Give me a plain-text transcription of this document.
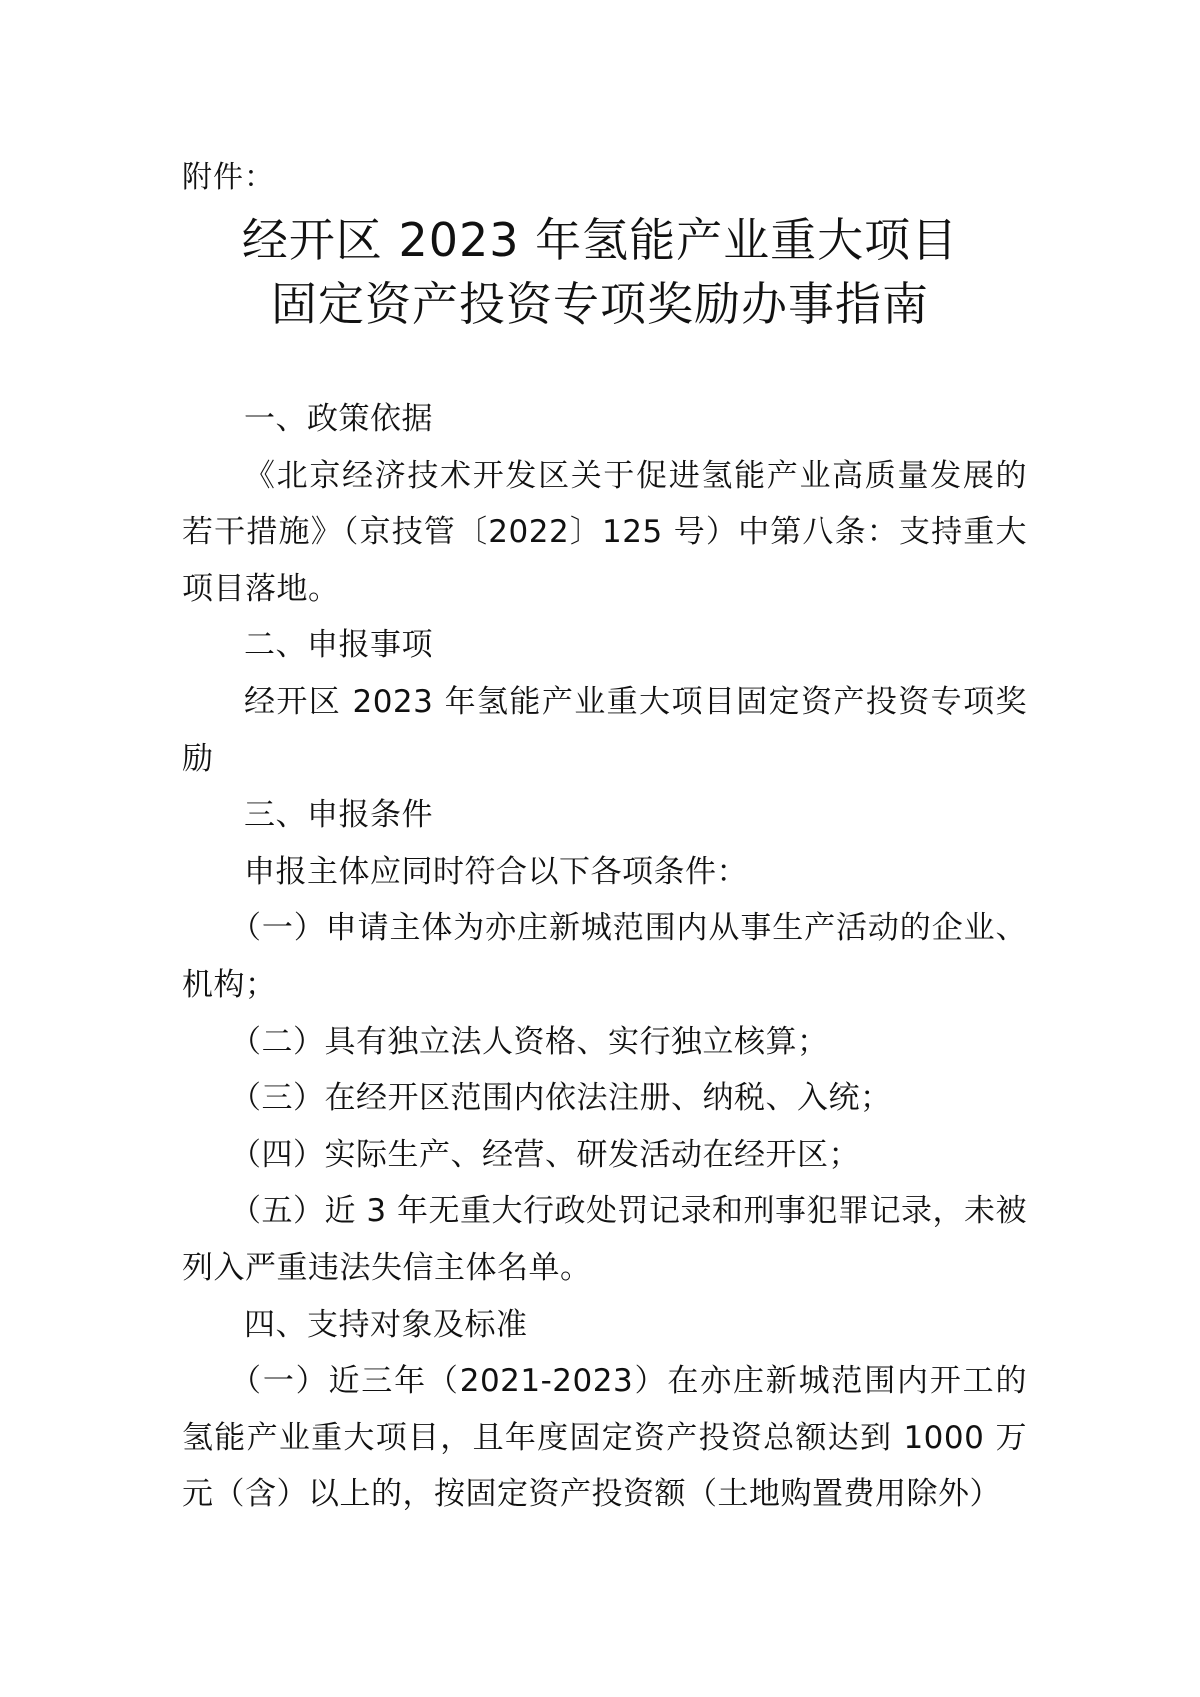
附件：

经开区 2023 年氢能产业重大项目
固定资产投资专项奖励办事指南

一、政策依据

《北京经济技术开发区关于促进氢能产业高质量发展的若干措施》（京技管〔2022〕125 号）中第八条：支持重大项目落地。

二、申报事项

经开区 2023 年氢能产业重大项目固定资产投资专项奖励

三、申报条件

申报主体应同时符合以下各项条件：

（一）申请主体为亦庄新城范围内从事生产活动的企业、机构；

（二）具有独立法人资格、实行独立核算；

（三）在经开区范围内依法注册、纳税、入统；

（四）实际生产、经营、研发活动在经开区；

（五）近 3 年无重大行政处罚记录和刑事犯罪记录，未被列入严重违法失信主体名单。

四、支持对象及标准

（一）近三年（2021-2023）在亦庄新城范围内开工的氢能产业重大项目，且年度固定资产投资总额达到 1000 万元（含）以上的，按固定资产投资额（土地购置费用除外）
